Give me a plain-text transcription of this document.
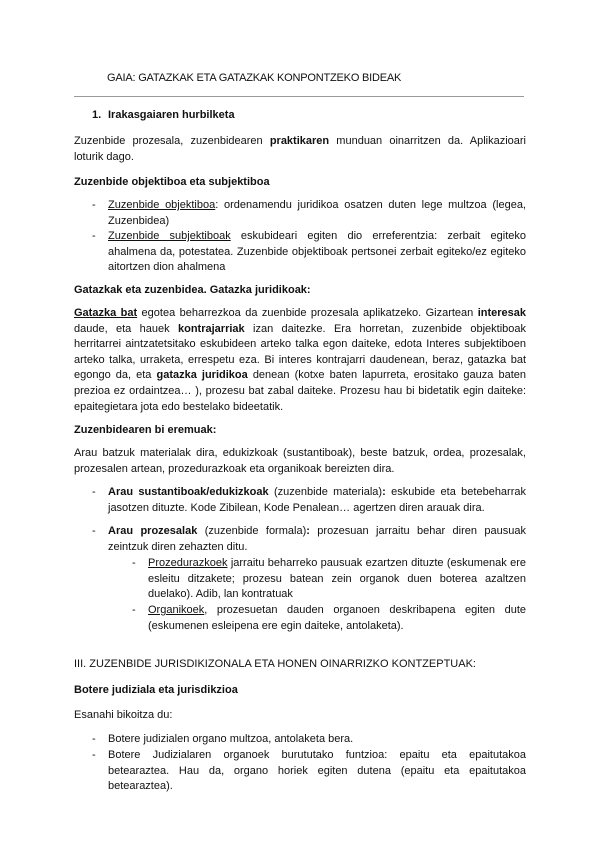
GAIA: GATAZKAK ETA GATAZKAK KONPONTZEKO BIDEAK
1. Irakasgaiaren hurbilketa
Zuzenbide prozesala, zuzenbidearen praktikaren munduan oinarritzen da. Aplikazioari loturik dago.
Zuzenbide objektiboa eta subjektiboa
- Zuzenbide objektiboa: ordenamendu juridikoa osatzen duten lege multzoa (legea, Zuzenbidea)
- Zuzenbide subjektiboak eskubideari egiten dio erreferentzia: zerbait egiteko ahalmena da, potestatea. Zuzenbide objektiboak pertsonei zerbait egiteko/ez egiteko aitortzen dion ahalmena
Gatazkak eta zuzenbidea. Gatazka juridikoak:
Gatazka bat egotea beharrezkoa da zuenbide prozesala aplikatzeko. Gizartean interesak daude, eta hauek kontrajarriak izan daitezke. Era horretan, zuzenbide objektiboak herritarrei aintzatetsitako eskubideen arteko talka egon daiteke, edota Interes subjektiboen arteko talka, urraketa, errespetu eza. Bi interes kontrajarri daudenean, beraz, gatazka bat egongo da, eta gatazka juridikoa denean (kotxe baten lapurreta, erositako gauza baten prezioa ez ordaintzea… ), prozesu bat zabal daiteke. Prozesu hau bi bidetatik egin daiteke: epaitegietara jota edo bestelako bideetatik.
Zuzenbidearen bi eremuak:
Arau batzuk materialak dira, edukizkoak (sustantiboak), beste batzuk, ordea, prozesalak, prozesalen artean, prozedurazkoak eta organikoak bereizten dira.
- Arau sustantiboak/edukizkoak (zuzenbide materiala): eskubide eta betebeharrak jasotzen dituzte. Kode Zibilean, Kode Penalean… agertzen diren arauak dira.
- Arau prozesalak (zuzenbide formala): prozesuan jarraitu behar diren pausuak zeintzuk diren zehazten ditu.
- Prozedurazkoek jarraitu beharreko pausuak ezartzen dituzte (eskumenak ere esleitu ditzakete; prozesu batean zein organok duen boterea azaltzen duelako). Adib, lan kontratuak
- Organikoek, prozesuetan dauden organoen deskribapena egiten dute (eskumenen esleipena ere egin daiteke, antolaketa).
III. ZUZENBIDE JURISDIKIZONALA ETA HONEN OINARRIZKO KONTZEPTUAK:
Botere judiziala eta jurisdikzioa
Esanahi bikoitza du:
- Botere judizialen organo multzoa, antolaketa bera.
- Botere Judizialaren organoek burututako funtzioa: epaitu eta epaitutakoa betearaztea. Hau da, organo horiek egiten dutena (epaitu eta epaitutakoa betearaztea).
